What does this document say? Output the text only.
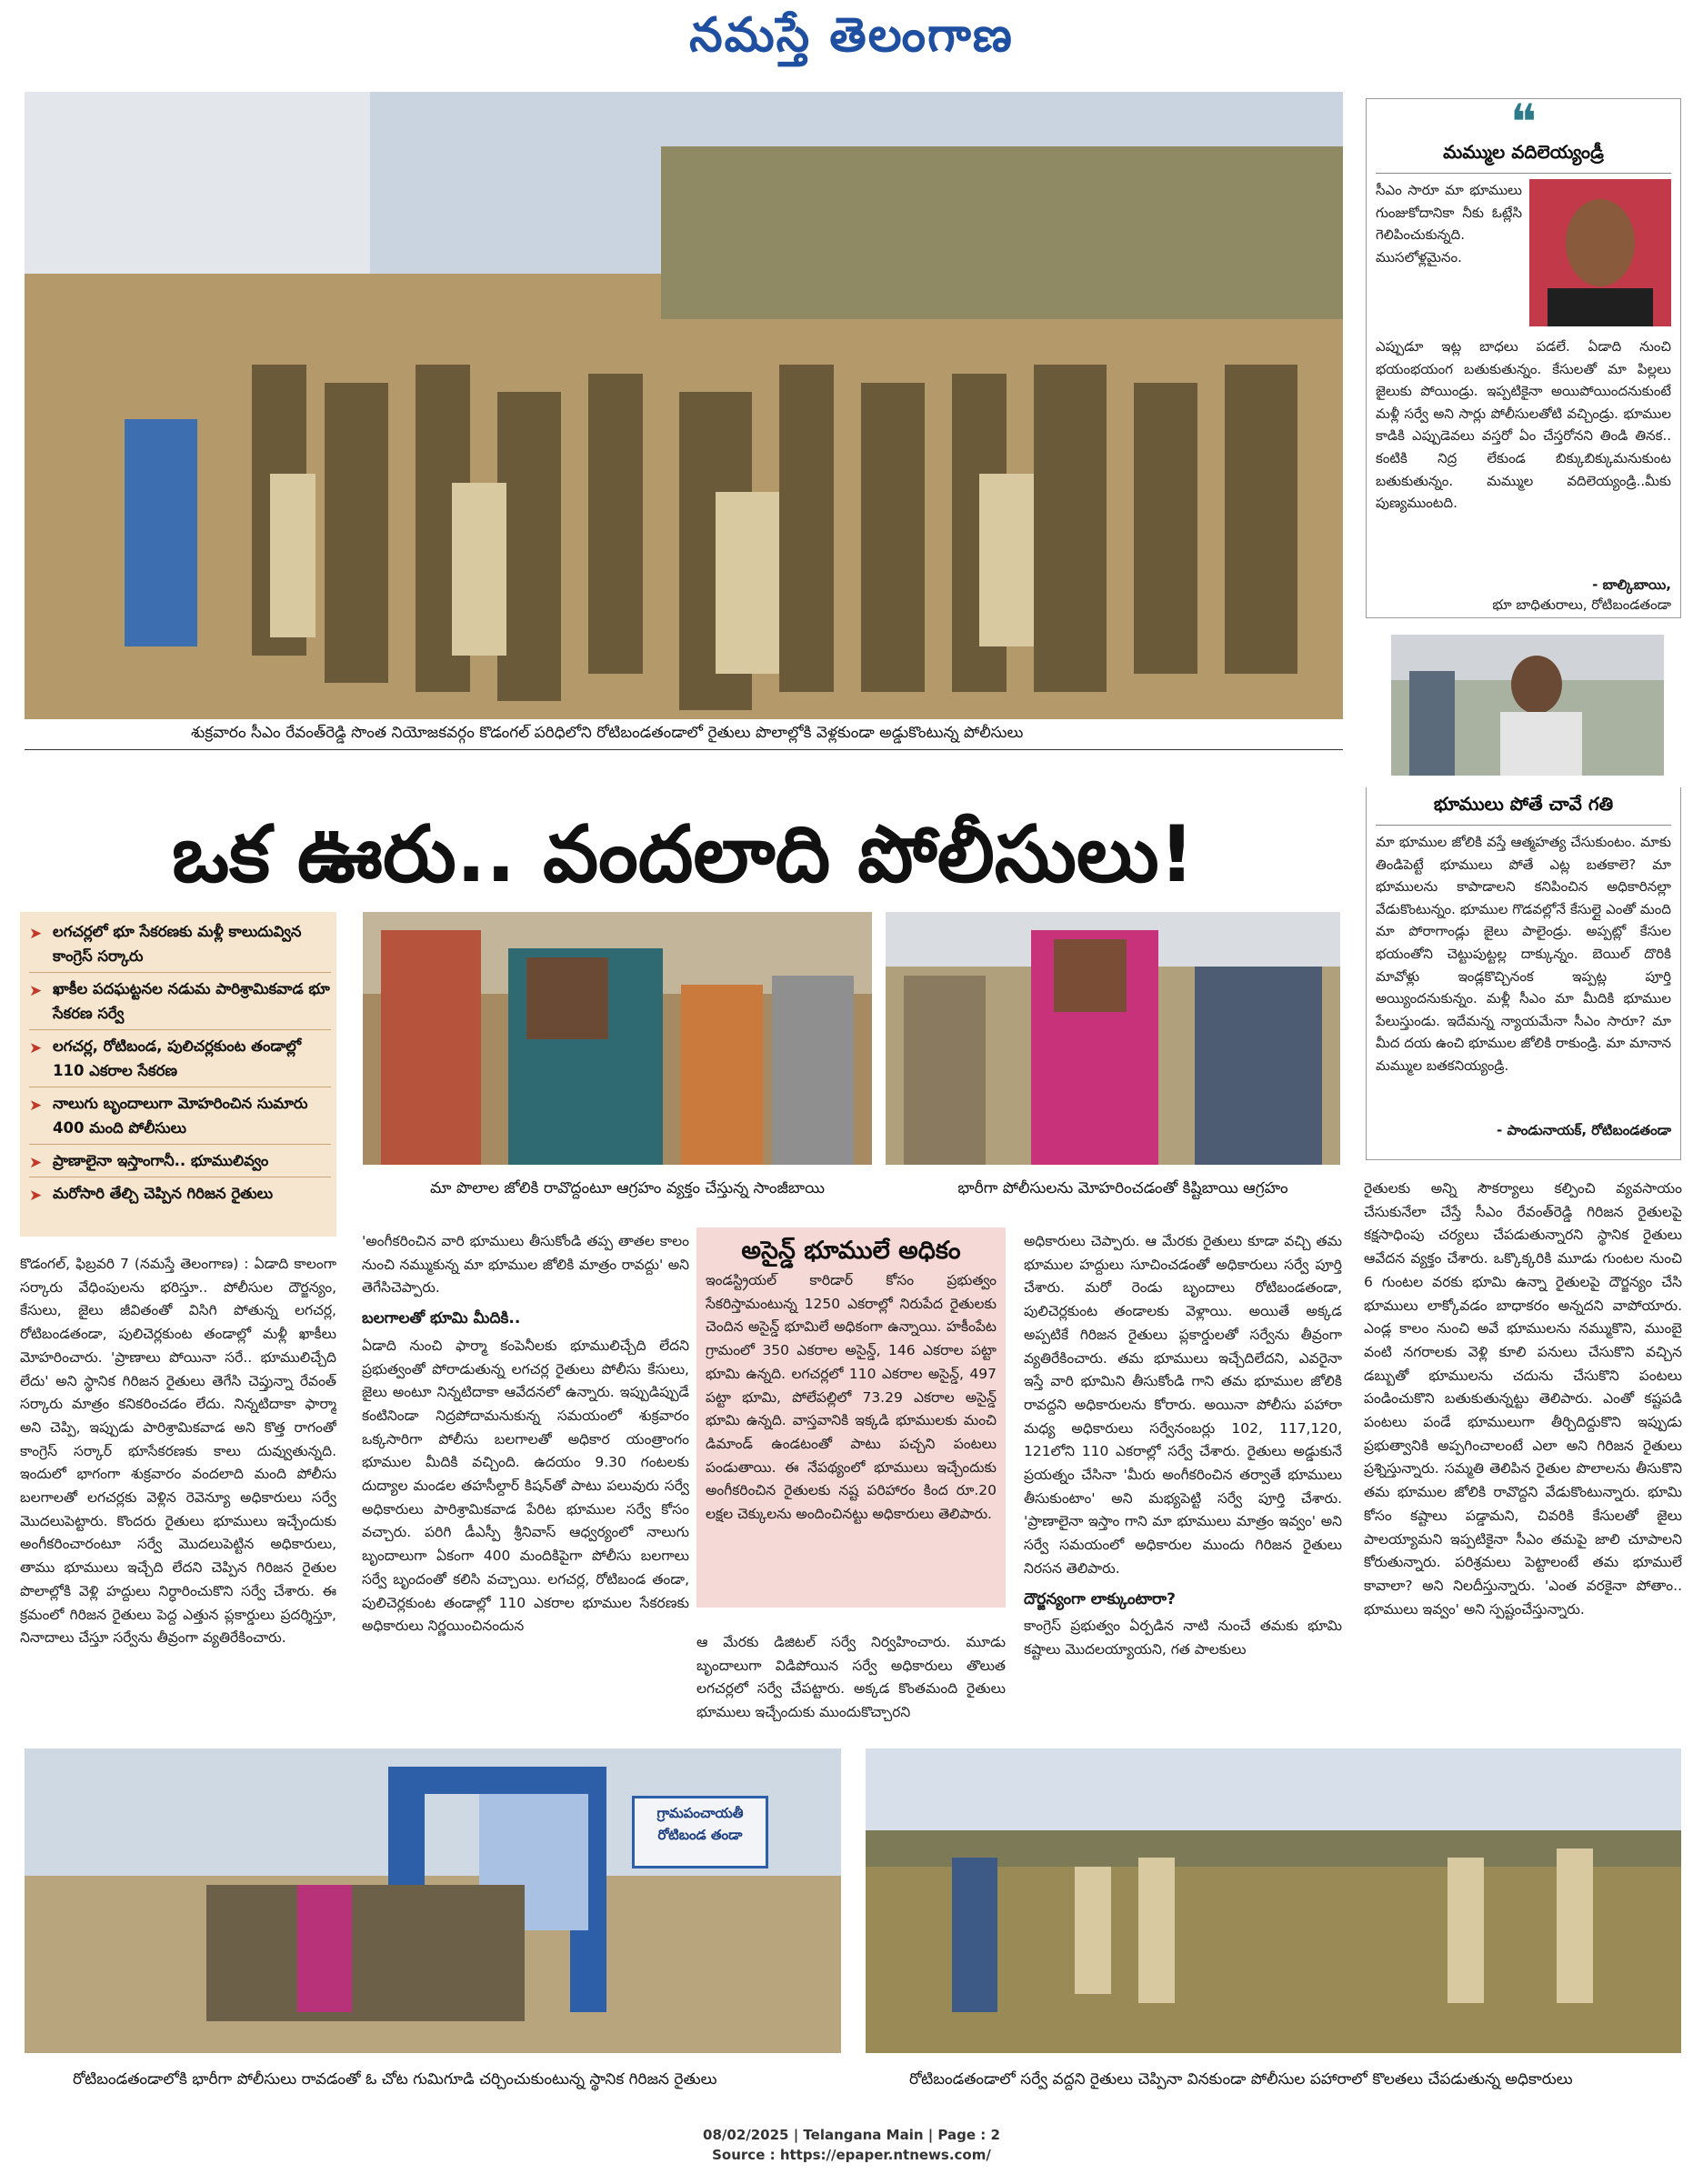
నమస్తే తెలంగాణ
శుక్రవారం సీఎం రేవంత్‌రెడ్డి సొంత నియోజకవర్గం కొడంగల్ పరిధిలోని రోటిబండతండాలో రైతులు పొలాల్లోకి వెళ్లకుండా అడ్డుకొంటున్న పోలీసులు
ఒక ఊరు.. వందలాది పోలీసులు!
➤ లగచర్లలో భూ సేకరణకు మళ్లీ కాలుదువ్విన కాంగ్రెస్ సర్కారు
➤ ఖాకీల పదఘట్టనల నడుమ పారిశ్రామికవాడ భూ సేకరణ సర్వే
➤ లగచర్ల, రోటిబండ, పులిచర్లకుంట తండాల్లో 110 ఎకరాల సేకరణ
➤ నాలుగు బృందాలుగా మోహరించిన సుమారు 400 మంది పోలీసులు
➤ ప్రాణాలైనా ఇస్తాంగానీ.. భూములివ్వం
➤ మరోసారి తేల్చి చెప్పిన గిరిజన రైతులు	మా పొలాల జోలికి రావొద్దంటూ ఆగ్రహం వ్యక్తం చేస్తున్న సాంజీబాయి	భారీగా పోలీసులను మోహరించడంతో కిష్టిబాయి ఆగ్రహం

కొడంగల్, ఫిబ్రవరి 7 (నమస్తే తెలంగాణ) : ఏడాది కాలంగా సర్కారు వేధింపులను భరిస్తూ.. పోలీసుల దౌర్జన్యం, కేసులు, జైలు జీవితంతో విసిగి పోతున్న లగచర్ల, రోటిబండతండా, పులిచెర్లకుంట తండాల్లో మళ్లీ ఖాకీలు మోహరించారు. 'ప్రాణాలు పోయినా సరే.. భూములిచ్చేది లేదు' అని స్థానిక గిరిజన రైతులు తెగేసి చెప్తున్నా రేవంత్ సర్కారు మాత్రం కనికరించడం లేదు. నిన్నటిదాకా ఫార్మా అని చెప్పి, ఇప్పుడు పారిశ్రామికవాడ అని కొత్త రాగంతో కాంగ్రెస్ సర్కార్ భూసేకరణకు కాలు దువ్వుతున్నది. ఇందులో భాగంగా శుక్రవారం వందలాది మంది పోలీసు బలగాలతో లగచర్లకు వెళ్లిన రెవెన్యూ అధికారులు సర్వే మొదలుపెట్టారు. కొందరు రైతులు భూములు ఇచ్చేందుకు అంగీకరించారంటూ సర్వే మొదలుపెట్టిన అధికారులు, తాము భూములు ఇచ్చేది లేదని చెప్పిన గిరిజన రైతుల పొలాల్లోకి వెళ్లి హద్దులు నిర్ధారించుకొని సర్వే చేశారు. ఈ క్రమంలో గిరిజన రైతులు పెద్ద ఎత్తున ప్లకార్డులు ప్రదర్శిస్తూ, నినాదాలు చేస్తూ సర్వేను తీవ్రంగా వ్యతిరేకించారు.

'అంగీకరించిన వారి భూములు తీసుకోండి తప్ప తాతల కాలం నుంచి నమ్ముకున్న మా భూముల జోలికి మాత్రం రావద్దు' అని తెగేసిచెప్పారు.

బలగాలతో భూమి మీదికి..

ఏడాది నుంచి ఫార్మా కంపెనీలకు భూములిచ్చేది లేదని ప్రభుత్వంతో పోరాడుతున్న లగచర్ల రైతులు పోలీసు కేసులు, జైలు అంటూ నిన్నటిదాకా ఆవేదనలో ఉన్నారు. ఇప్పుడిప్పుడే కంటినిండా నిద్రపోదామనుకున్న సమయంలో శుక్రవారం ఒక్కసారిగా పోలీసు బలగాలతో అధికార యంత్రాంగం భూముల మీదికి వచ్చింది. ఉదయం 9.30 గంటలకు దుద్యాల మండల తహసీల్దార్ కిషన్‌తో పాటు పలువురు సర్వే అధికారులు పారిశ్రామికవాడ పేరిట భూముల సర్వే కోసం వచ్చారు. పరిగి డీఎస్పీ శ్రీనివాస్ ఆధ్వర్యంలో నాలుగు బృందాలుగా ఏకంగా 400 మందికిపైగా పోలీసు బలగాలు సర్వే బృందంతో కలిసి వచ్చాయి. లగచర్ల, రోటిబండ తండా, పులిచెర్లకుంట తండాల్లో 110 ఎకరాల భూముల సేకరణకు అధికారులు నిర్ణయించినందున

అసైన్డ్ భూములే అధికం

ఇండస్ట్రియల్ కారిడార్ కోసం ప్రభుత్వం సేకరిస్తామంటున్న 1250 ఎకరాల్లో నిరుపేద రైతులకు చెందిన అసైన్డ్ భూమిలే అధికంగా ఉన్నాయి. హకీంపేట గ్రామంలో 350 ఎకరాల అసైన్డ్, 146 ఎకరాల పట్టా భూమి ఉన్నది. లగచర్లలో 110 ఎకరాల అసైన్డ్, 497 పట్టా భూమి, పోలేపల్లిలో 73.29 ఎకరాల అసైన్డ్ భూమి ఉన్నది. వాస్తవానికి ఇక్కడి భూములకు మంచి డిమాండ్ ఉండటంతో పాటు పచ్చని పంటలు పండుతాయి. ఈ నేపథ్యంలో భూములు ఇచ్చేందుకు అంగీకరించిన రైతులకు నష్ట పరిహారం కింద రూ.20 లక్షల చెక్కులను అందించినట్టు అధికారులు తెలిపారు.

ఆ మేరకు డిజిటల్ సర్వే నిర్వహించారు. మూడు బృందాలుగా విడిపోయిన సర్వే అధికారులు తొలుత లగచర్లలో సర్వే చేపట్టారు. అక్కడ కొంతమంది రైతులు భూములు ఇచ్చేందుకు ముందుకొచ్చారని

అధికారులు చెప్పారు. ఆ మేరకు రైతులు కూడా వచ్చి తమ భూముల హద్దులు సూచించడంతో అధికారులు సర్వే పూర్తి చేశారు. మరో రెండు బృందాలు రోటిబండతండా, పులిచెర్లకుంట తండాలకు వెళ్లాయి. అయితే అక్కడ అప్పటికే గిరిజన రైతులు ప్లకార్డులతో సర్వేను తీవ్రంగా వ్యతిరేకించారు. తమ భూములు ఇచ్చేదిలేదని, ఎవరైనా ఇస్తే వారి భూమిని తీసుకోండి గాని తమ భూముల జోలికి రావద్దని అధికారులను కోరారు. అయినా పోలీసు పహారా మధ్య అధికారులు సర్వేనంబర్లు 102, 117,120, 121లోని 110 ఎకరాల్లో సర్వే చేశారు. రైతులు అడ్డుకునే ప్రయత్నం చేసినా 'మీరు అంగీకరించిన తర్వాతే భూములు తీసుకుంటాం' అని మభ్యపెట్టి సర్వే పూర్తి చేశారు. 'ప్రాణాలైనా ఇస్తాం గాని మా భూములు మాత్రం ఇవ్వం' అని సర్వే సమయంలో అధికారుల ముందు గిరిజన రైతులు నిరసన తెలిపారు.

దౌర్జన్యంగా లాక్కుంటారా?

కాంగ్రెస్ ప్రభుత్వం ఏర్పడిన నాటి నుంచే తమకు భూమి కష్టాలు మొదలయ్యాయని, గత పాలకులు

రైతులకు అన్ని సౌకర్యాలు కల్పించి వ్యవసాయం చేసుకునేలా చేస్తే సీఎం రేవంత్‌రెడ్డి గిరిజన రైతులపై కక్షసాధింపు చర్యలు చేపడుతున్నారని స్థానిక రైతులు ఆవేదన వ్యక్తం చేశారు. ఒక్కొక్కరికి మూడు గుంటల నుంచి 6 గుంటల వరకు భూమి ఉన్నా రైతులపై దౌర్జన్యం చేసి భూములు లాక్కోవడం బాధాకరం అన్నదని వాపోయారు. ఎండ్ల కాలం నుంచి అవే భూములను నమ్ముకొని, ముంబై వంటి నగరాలకు వెళ్లి కూలి పనులు చేసుకొని వచ్చిన డబ్బుతో భూములను చదును చేసుకొని పంటలు పండించుకొని బతుకుతున్నట్టు తెలిపారు. ఎంతో కష్టపడి పంటలు పండే భూములుగా తీర్చిదిద్దుకొని ఇప్పుడు ప్రభుత్వానికి అప్పగించాలంటే ఎలా అని గిరిజన రైతులు ప్రశ్నిస్తున్నారు. సమ్మతి తెలిపిన రైతుల పొలాలను తీసుకొని తమ భూముల జోలికి రావొద్దని వేడుకొంటున్నారు. భూమి కోసం కష్టాలు పడ్డామని, చివరికి కేసులతో జైలు పాలయ్యామని ఇప్పటికైనా సీఎం తమపై జాలి చూపాలని కోరుతున్నారు. పరిశ్రమలు పెట్టాలంటే తమ భూములే కావాలా? అని నిలదీస్తున్నారు. 'ఎంత వరకైనా పోతాం.. భూములు ఇవ్వం' అని స్పష్టంచేస్తున్నారు.

❝
మమ్ముల వదిలెయ్యండ్రీ
సీఎం సారూ మా భూములు గుంజుకోదానికా నీకు ఓట్లేసి గెలిపించుకున్నది. ముసలోళ్లమైనం.
ఎప్పుడూ ఇట్ల బాధలు పడలే. ఏడాది నుంచి భయంభయంగ బతుకుతున్నం. కేసులతో మా పిల్లలు జైలుకు పోయిండ్రు. ఇప్పటికైనా అయిపోయిందనుకుంటే మళ్లీ సర్వే అని సార్లు పోలీసులతోటి వచ్చిండ్రు. భూముల కాడికి ఎప్పుడెవలు వస్తరో ఏం చేస్తరోనని తిండి తినక.. కంటికి నిద్ర లేకుండ బిక్కుబిక్కుమనుకుంట బతుకుతున్నం. మమ్ముల వదిలెయ్యండ్రి..మీకు పుణ్యముంటది.
- బాల్కిబాయి,
భూ బాధితురాలు, రోటిబండతండా
భూములు పోతే చావే గతి
మా భూముల జోలికి వస్తే ఆత్మహత్య చేసుకుంటం. మాకు తిండిపెట్టే భూములు పోతే ఎట్ల బతకాలె? మా భూములను కాపాడాలని కనిపించిన అధికారినల్లా వేడుకొంటున్నం. భూముల గొడవల్లోనే కేసుల్లై ఎంతో మంది మా పోరాగాండ్లు జైలు పాలైండ్రు. అప్పట్లో కేసుల భయంతోని చెట్టుపుట్టల్ల దాక్కున్నం. బెయిల్ దొరికి మావోళ్లు ఇండ్లకొచ్చినంక ఇప్పట్ల పూర్తి అయ్యిందనుకున్నం. మళ్లీ సీఎం మా మీదికి భూముల పేలుస్తుండు. ఇదేమన్న న్యాయమేనా సీఎం సారూ? మా మీద దయ ఉంచి భూముల జోలికి రాకుండ్రి. మా మానాన మమ్ముల బతకనియ్యండ్రి.
- పాండునాయక్, రోటిబండతండా
గ్రామపంచాయతీ రోటిబండ తండా
రోటిబండతండాలోకి భారీగా పోలీసులు రావడంతో ఓ చోట గుమిగూడి చర్చించుకుంటున్న స్థానిక గిరిజన రైతులు	రోటిబండతండాలో సర్వే వద్దని రైతులు చెప్పినా వినకుండా పోలీసుల పహారాలో కొలతలు చేపడుతున్న అధికారులు
08/02/2025 | Telangana Main | Page : 2
Source : https://epaper.ntnews.com/
